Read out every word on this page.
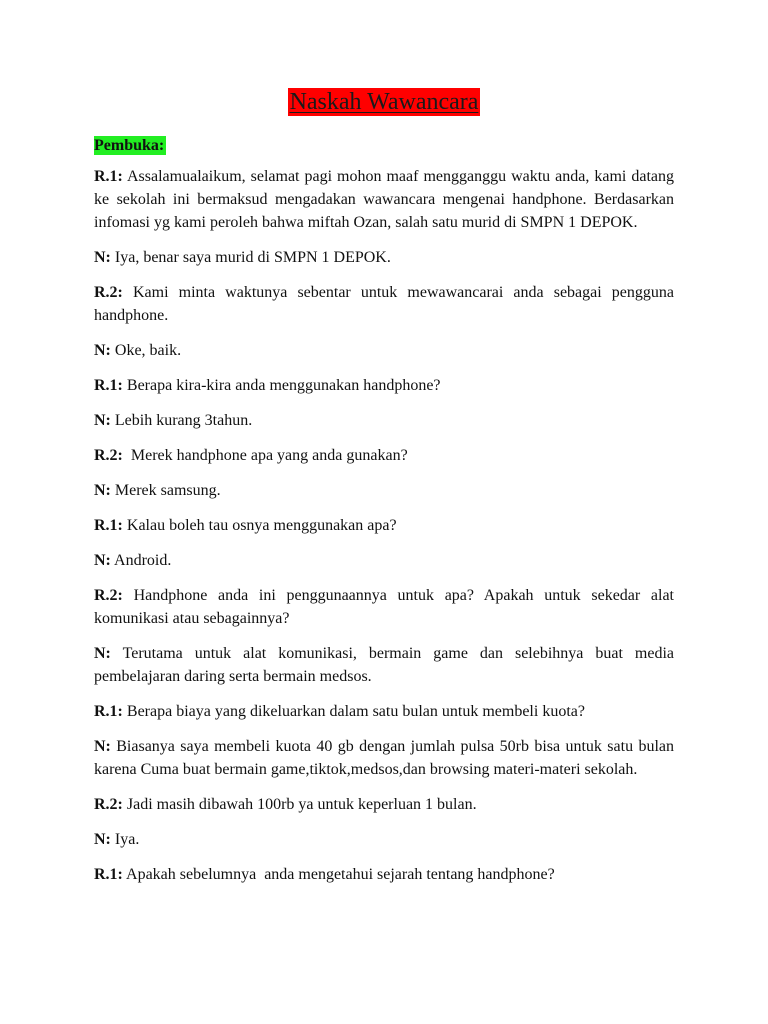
Naskah Wawancara
Pembuka:
R.1: Assalamualaikum, selamat pagi mohon maaf mengganggu waktu anda, kami datang ke sekolah ini bermaksud mengadakan wawancara mengenai handphone. Berdasarkan infomasi yg kami peroleh bahwa miftah Ozan, salah satu murid di SMPN 1 DEPOK.
N: Iya, benar saya murid di SMPN 1 DEPOK.
R.2: Kami minta waktunya sebentar untuk mewawancarai anda sebagai pengguna handphone.
N: Oke, baik.
R.1: Berapa kira-kira anda menggunakan handphone?
N: Lebih kurang 3tahun.
R.2:  Merek handphone apa yang anda gunakan?
N: Merek samsung.
R.1: Kalau boleh tau osnya menggunakan apa?
N: Android.
R.2: Handphone anda ini penggunaannya untuk apa? Apakah untuk sekedar alat komunikasi atau sebagainnya?
N: Terutama untuk alat komunikasi, bermain game dan selebihnya buat media pembelajaran daring serta bermain medsos.
R.1: Berapa biaya yang dikeluarkan dalam satu bulan untuk membeli kuota?
N: Biasanya saya membeli kuota 40 gb dengan jumlah pulsa 50rb bisa untuk satu bulan karena Cuma buat bermain game,tiktok,medsos,dan browsing materi-materi sekolah.
R.2: Jadi masih dibawah 100rb ya untuk keperluan 1 bulan.
N: Iya.
R.1: Apakah sebelumnya  anda mengetahui sejarah tentang handphone?
